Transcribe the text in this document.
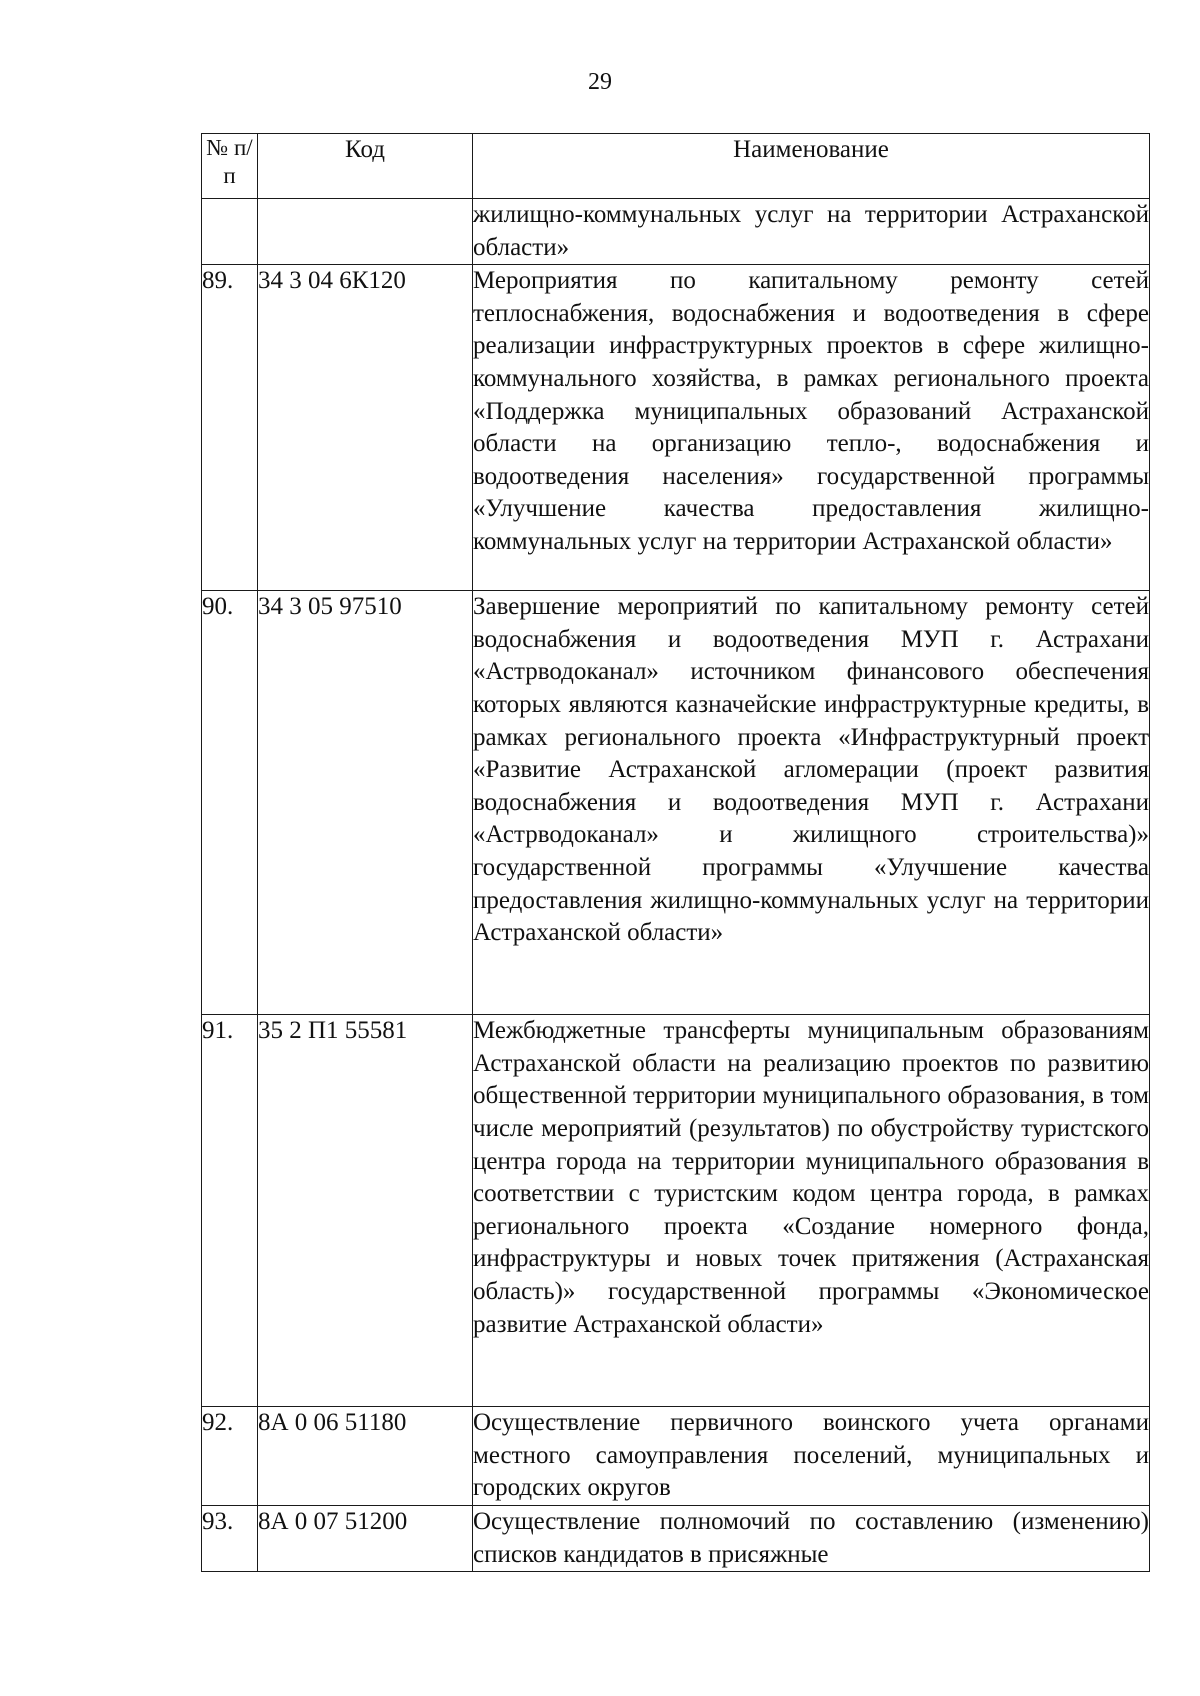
29
№ п/п	Код	Наименование
		жилищно-коммунальных услуг на территории Астраханской области»
89.	34 3 04 6К120	Мероприятия по капитальному ремонту сетей теплоснабжения, водоснабжения и водоотведения в сфере реализации инфраструктурных проектов в сфере жилищно-коммунального хозяйства, в рамках регионального проекта «Поддержка муниципальных образований Астраханской области на организацию тепло-, водоснабжения и водоотведения населения» государственной программы «Улучшение качества предоставления жилищно-коммунальных услуг на территории Астраханской области»
90.	34 3 05 97510	Завершение мероприятий по капитальному ремонту сетей водоснабжения и водоотведения МУП г. Астрахани «Астрводоканал» источником финансового обеспечения которых являются казначейские инфраструктурные кредиты, в рамках регионального проекта «Инфраструктурный проект «Развитие Астраханской агломерации (проект развития водоснабжения и водоотведения МУП г. Астрахани «Астрводоканал» и жилищного строительства)» государственной программы «Улучшение качества предоставления жилищно-коммунальных услуг на территории Астраханской области»
91.	35 2 П1 55581	Межбюджетные трансферты муниципальным образованиям Астраханской области на реализацию проектов по развитию общественной территории муниципального образования, в том числе мероприятий (результатов) по обустройству туристского центра города на территории муниципального образования в соответствии с туристским кодом центра города, в рамках регионального проекта «Создание номерного фонда, инфраструктуры и новых точек притяжения (Астраханская область)» государственной программы «Экономическое развитие Астраханской области»
92.	8А 0 06 51180	Осуществление первичного воинского учета органами местного самоуправления поселений, муниципальных и городских округов
93.	8А 0 07 51200	Осуществление полномочий по составлению (изменению) списков кандидатов в присяжные
